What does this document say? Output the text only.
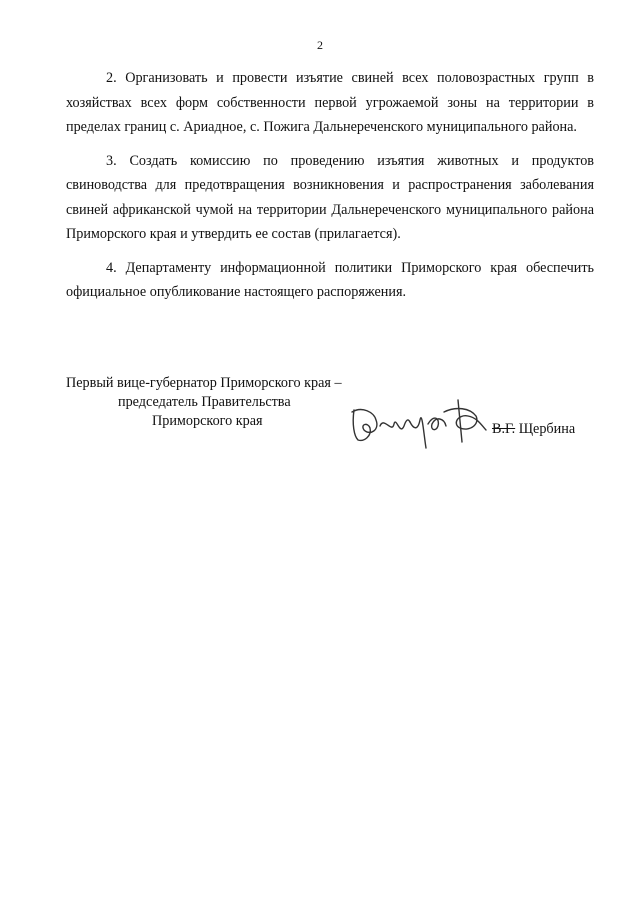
2

2. Организовать и провести изъятие свиней всех половозрастных групп в хозяйствах всех форм собственности первой угрожаемой зоны на территории в пределах границ с. Ариадное, с. Пожига Дальнереченского муниципального района.

3. Создать комиссию по проведению изъятия животных и продуктов свиноводства для предотвращения возникновения и распространения заболевания свиней африканской чумой на территории Дальнереченского муниципального района Приморского края и утвердить ее состав (прилагается).

4. Департаменту информационной политики Приморского края обеспечить официальное опубликование настоящего распоряжения.

Первый вице-губернатор Приморского края –
председатель Правительства
Приморского края	В.Г. Щербина
